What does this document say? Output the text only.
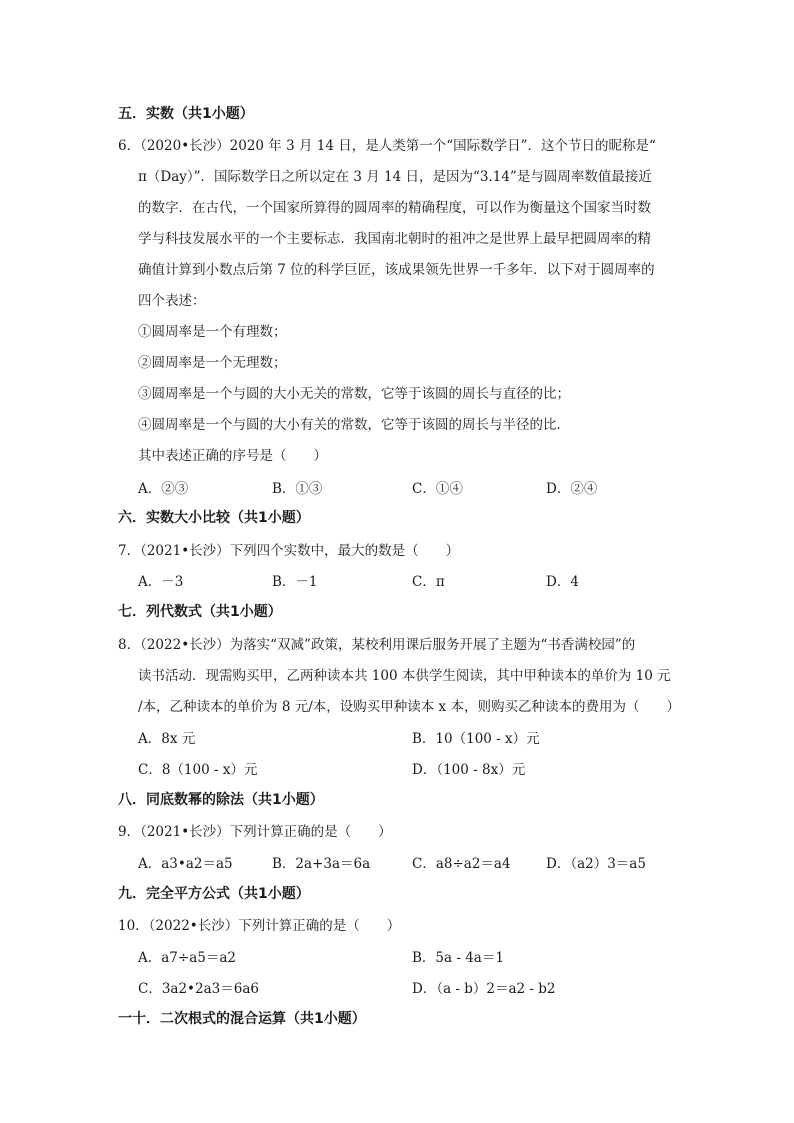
五．实数（共1小题）
6．（2020•长沙）2020 年 3 月 14 日，是人类第一个“国际数学日”．这个节日的昵称是“
π（Day）”．国际数学日之所以定在 3 月 14 日，是因为“3.14”是与圆周率数值最接近
的数字．在古代，一个国家所算得的圆周率的精确程度，可以作为衡量这个国家当时数
学与科技发展水平的一个主要标志．我国南北朝时的祖冲之是世界上最早把圆周率的精
确值计算到小数点后第 7 位的科学巨匠，该成果领先世界一千多年．以下对于圆周率的
四个表述：
①圆周率是一个有理数；
②圆周率是一个无理数；
③圆周率是一个与圆的大小无关的常数，它等于该圆的周长与直径的比；
④圆周率是一个与圆的大小有关的常数，它等于该圆的周长与半径的比．
其中表述正确的序号是（　　）
A．②③	B．①③	C．①④	D．②④
六．实数大小比较（共1小题）
7．（2021•长沙）下列四个实数中，最大的数是（　　）
A．－3	B．－1	C．π	D．4
七．列代数式（共1小题）
8．（2022•长沙）为落实“双减”政策，某校利用课后服务开展了主题为“书香满校园”的
读书活动．现需购买甲，乙两种读本共 100 本供学生阅读，其中甲种读本的单价为 10 元
/本，乙种读本的单价为 8 元/本，设购买甲种读本 x 本，则购买乙种读本的费用为（　　）
A．8x 元	B．10（100 - x）元
C．8（100 - x）元	D．（100 - 8x）元
八．同底数幂的除法（共1小题）
9．（2021•长沙）下列计算正确的是（　　）
A．a3•a2＝a5	B．2a+3a＝6a	C．a8÷a2＝a4	D．（a2）3＝a5
九．完全平方公式（共1小题）
10．（2022•长沙）下列计算正确的是（　　）
A．a7÷a5＝a2	B．5a - 4a＝1
C．3a2•2a3＝6a6	D．（a - b）2＝a2 - b2
一十．二次根式的混合运算（共1小题）
